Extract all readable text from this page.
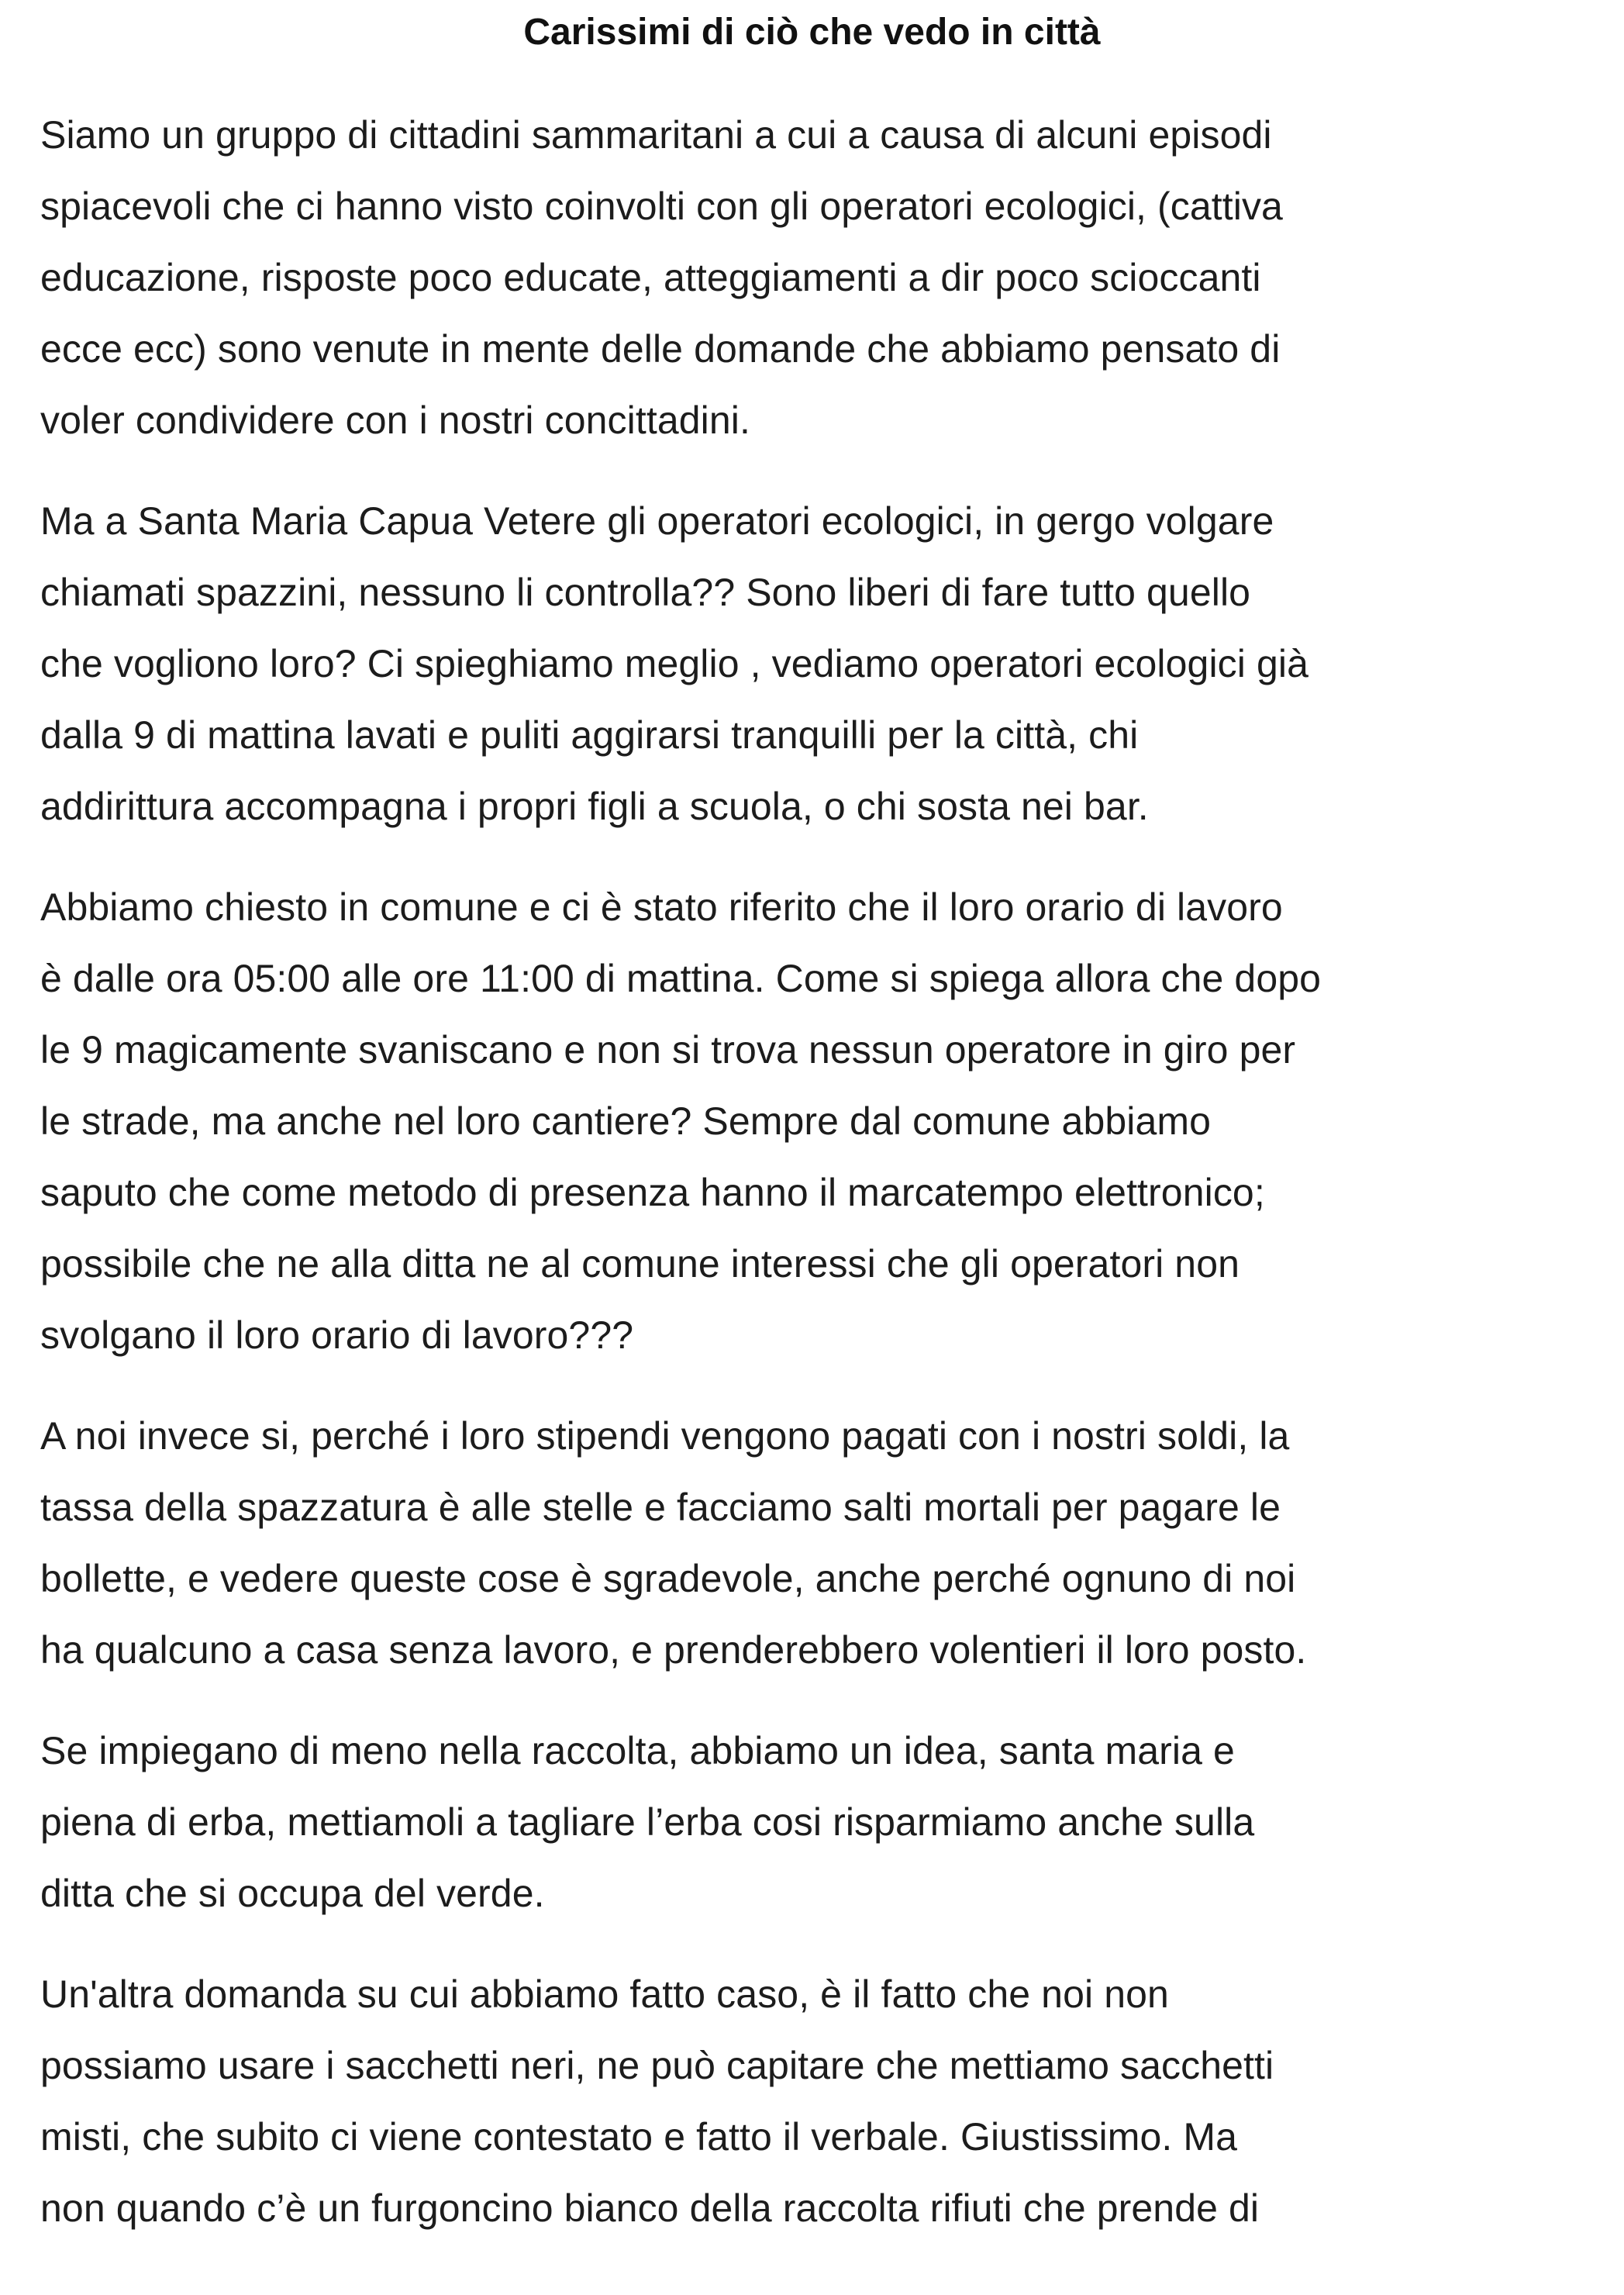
Carissimi di ciò che vedo in città

Siamo un gruppo di cittadini sammaritani a cui a causa di alcuni episodi
spiacevoli che ci hanno visto coinvolti con gli operatori ecologici, (cattiva
educazione, risposte poco educate, atteggiamenti a dir poco scioccanti
ecce ecc) sono venute in mente delle domande che abbiamo pensato di
voler condividere con i nostri concittadini.

Ma a Santa Maria Capua Vetere gli operatori ecologici, in gergo volgare
chiamati spazzini, nessuno li controlla?? Sono liberi di fare tutto quello
che vogliono loro? Ci spieghiamo meglio , vediamo operatori ecologici già
dalla 9 di mattina lavati e puliti aggirarsi tranquilli per la città, chi
addirittura accompagna i propri figli a scuola, o chi sosta nei bar.

Abbiamo chiesto in comune e ci è stato riferito che il loro orario di lavoro
è dalle ora 05:00 alle ore 11:00 di mattina. Come si spiega allora che dopo
le 9 magicamente svaniscano e non si trova nessun operatore in giro per
le strade, ma anche nel loro cantiere? Sempre dal comune abbiamo
saputo che come metodo di presenza hanno il marcatempo elettronico;
possibile che ne alla ditta ne al comune interessi che gli operatori non
svolgano il loro orario di lavoro???

A noi invece si, perché i loro stipendi vengono pagati con i nostri soldi, la
tassa della spazzatura è alle stelle e facciamo salti mortali per pagare le
bollette, e vedere queste cose è sgradevole, anche perché ognuno di noi
ha qualcuno a casa senza lavoro, e prenderebbero volentieri il loro posto.

Se impiegano di meno nella raccolta, abbiamo un idea, santa maria e
piena di erba, mettiamoli a tagliare l’erba cosi risparmiamo anche sulla
ditta che si occupa del verde.

Un'altra domanda su cui abbiamo fatto caso, è il fatto che noi non
possiamo usare i sacchetti neri, ne può capitare che mettiamo sacchetti
misti, che subito ci viene contestato e fatto il verbale. Giustissimo. Ma
non quando c’è un furgoncino bianco della raccolta rifiuti che prende di
